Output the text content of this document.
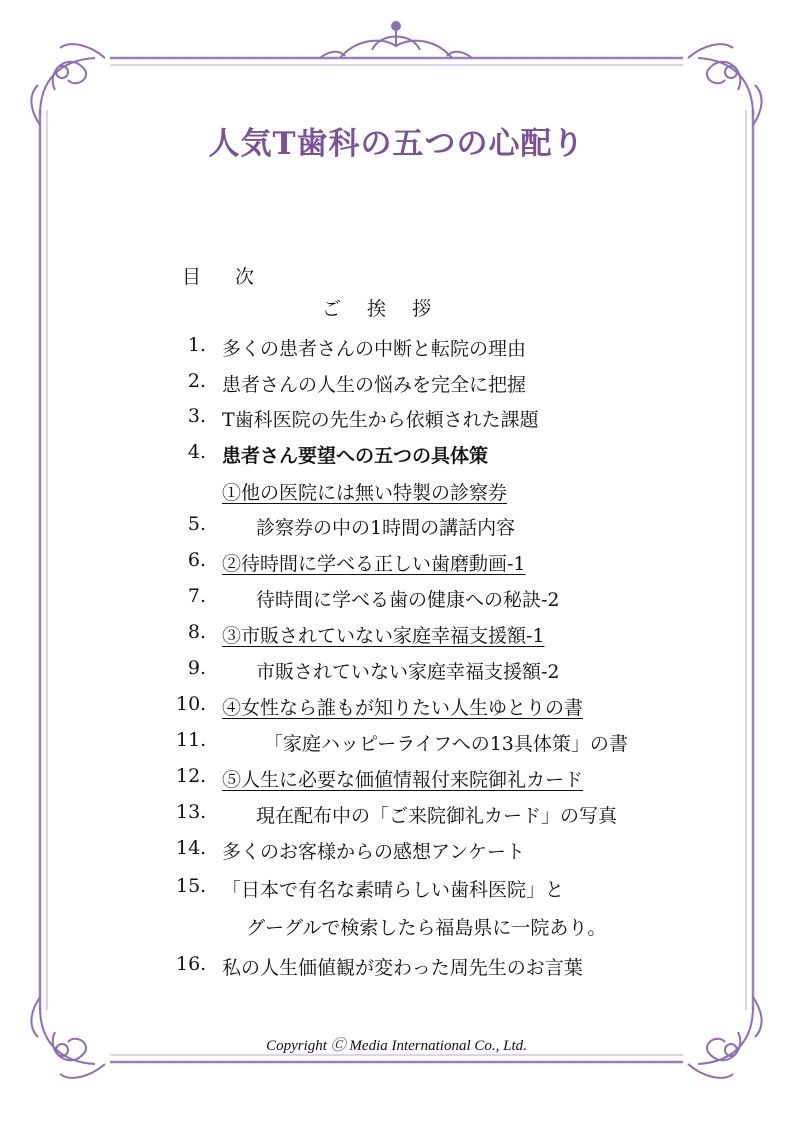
人気T歯科の五つの心配り
目 次
ご 挨 拶
1. 多くの患者さんの中断と転院の理由
2. 患者さんの人生の悩みを完全に把握
3. T歯科医院の先生から依頼された課題
4. 患者さん要望への五つの具体策
①他の医院には無い特製の診察券
5.	診察券の中の1時間の講話内容
6. ②待時間に学べる正しい歯磨動画-1
7.	待時間に学べる歯の健康への秘訣-2
8. ③市販されていない家庭幸福支援額-1
9.	市販されていない家庭幸福支援額-2
10. ④女性なら誰もが知りたい人生ゆとりの書
11.	「家庭ハッピーライフへの13具体策」の書
12. ⑤人生に必要な価値情報付来院御礼カード
13.	現在配布中の「ご来院御礼カード」の写真
14. 多くのお客様からの感想アンケート
15. 「日本で有名な素晴らしい歯科医院」と
グーグルで検索したら福島県に一院あり。
16. 私の人生価値観が変わった周先生のお言葉
Copyright Ⓒ Media International Co., Ltd.
